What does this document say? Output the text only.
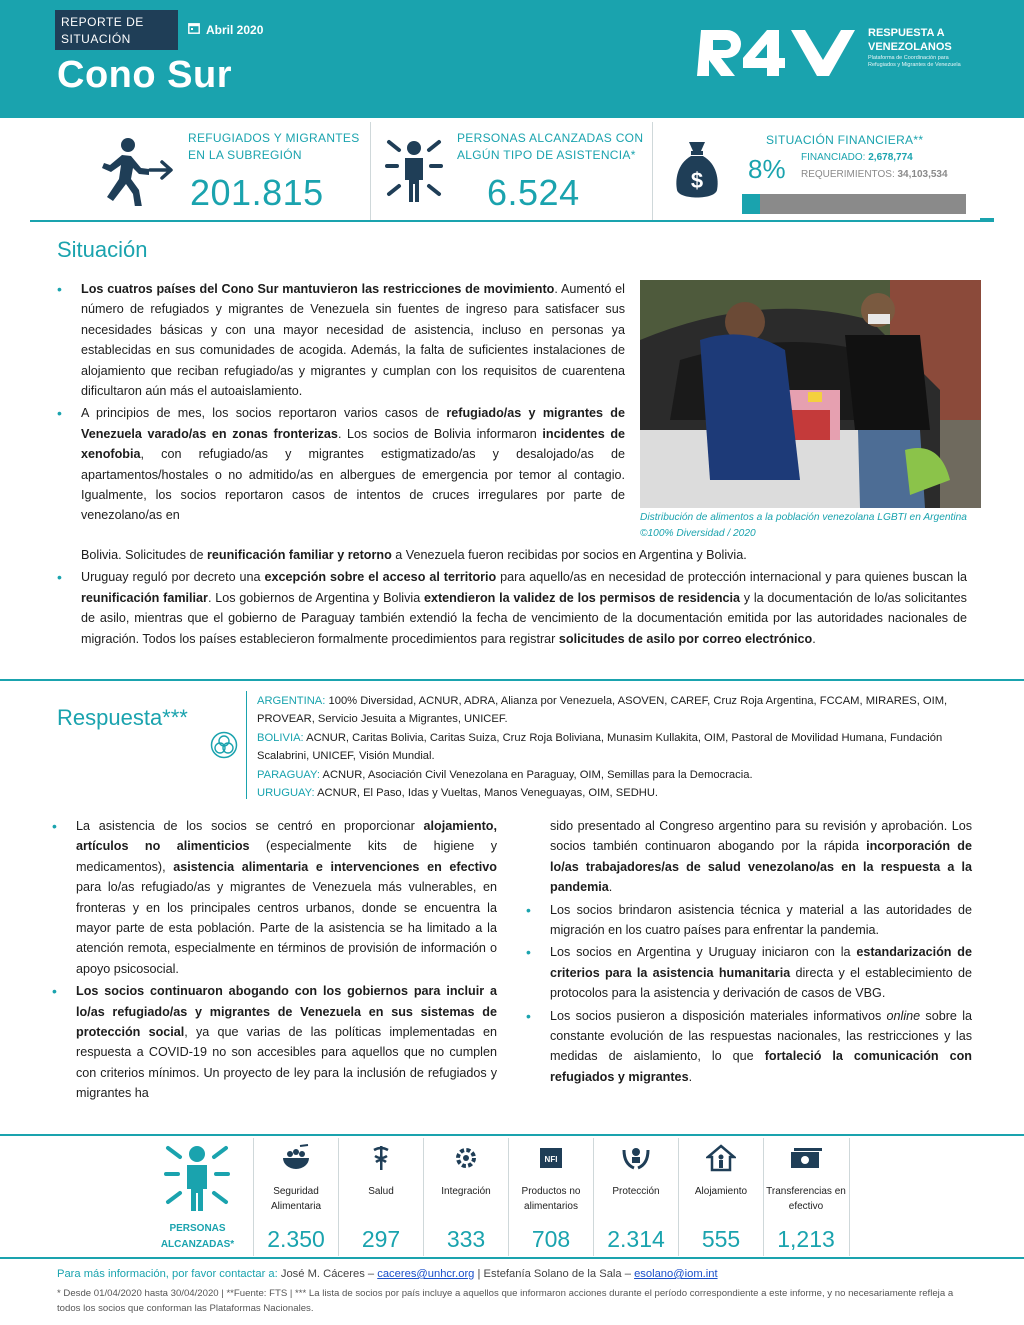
REPORTE DE SITUACIÓN
Abril 2020
Cono Sur
RESPUESTA A VENEZOLANOS
Plataforma de Coordinación para Refugiados y Migrantes de Venezuela
REFUGIADOS Y MIGRANTES EN LA SUBREGIÓN
201.815
PERSONAS ALCANZADAS CON ALGÚN TIPO DE ASISTENCIA*
6.524	$
SITUACIÓN FINANCIERA**
8% FINANCIADO: 2,678,774
REQUERIMIENTOS: 34,103,534
Situación
• Los cuatros países del Cono Sur mantuvieron las restricciones de movimiento. Aumentó el número de refugiados y migrantes de Venezuela sin fuentes de ingreso para satisfacer sus necesidades básicas y con una mayor necesidad de asistencia, incluso en personas ya establecidas en sus comunidades de acogida. Además, la falta de suficientes instalaciones de alojamiento que reciban refugiado/as y migrantes y cumplan con los requisitos de cuarentena dificultaron aún más el autoaislamiento.
• A principios de mes, los socios reportaron varios casos de refugiado/as y migrantes de Venezuela varado/as en zonas fronterizas. Los socios de Bolivia informaron incidentes de xenofobia, con refugiado/as y migrantes estigmatizado/as y desalojado/as de apartamentos/hostales o no admitido/as en albergues de emergencia por temor al contagio. Igualmente, los socios reportaron casos de intentos de cruces irregulares por parte de venezolano/as en	Distribución de alimentos a la población venezolana LGBTI en Argentina ©100% Diversidad / 2020
Bolivia. Solicitudes de reunificación familiar y retorno a Venezuela fueron recibidas por socios en Argentina y Bolivia.
• Uruguay reguló por decreto una excepción sobre el acceso al territorio para aquello/as en necesidad de protección internacional y para quienes buscan la reunificación familiar. Los gobiernos de Argentina y Bolivia extendieron la validez de los permisos de residencia y la documentación de lo/as solicitantes de asilo, mientras que el gobierno de Paraguay también extendió la fecha de vencimiento de la documentación emitida por las autoridades nacionales de migración. Todos los países establecieron formalmente procedimientos para registrar solicitudes de asilo por correo electrónico.
Respuesta***
ARGENTINA: 100% Diversidad, ACNUR, ADRA, Alianza por Venezuela, ASOVEN, CAREF, Cruz Roja Argentina, FCCAM, MIRARES, OIM, PROVEAR, Servicio Jesuita a Migrantes, UNICEF.
BOLIVIA: ACNUR, Caritas Bolivia, Caritas Suiza, Cruz Roja Boliviana, Munasim Kullakita, OIM, Pastoral de Movilidad Humana, Fundación Scalabrini, UNICEF, Visión Mundial.
PARAGUAY: ACNUR, Asociación Civil Venezolana en Paraguay, OIM, Semillas para la Democracia.
URUGUAY: ACNUR, El Paso, Idas y Vueltas, Manos Veneguayas, OIM, SEDHU.
• La asistencia de los socios se centró en proporcionar alojamiento, artículos no alimenticios (especialmente kits de higiene y medicamentos), asistencia alimentaria e intervenciones en efectivo para lo/as refugiado/as y migrantes de Venezuela más vulnerables, en fronteras y en los principales centros urbanos, donde se encuentra la mayor parte de esta población. Parte de la asistencia se ha limitado a la atención remota, especialmente en términos de provisión de información o apoyo psicosocial.
• Los socios continuaron abogando con los gobiernos para incluir a lo/as refugiado/as y migrantes de Venezuela en sus sistemas de protección social, ya que varias de las políticas implementadas en respuesta a COVID-19 no son accesibles para aquellos que no cumplen con criterios mínimos. Un proyecto de ley para la inclusión de refugiados y migrantes ha
sido presentado al Congreso argentino para su revisión y aprobación. Los socios también continuaron abogando por la rápida incorporación de lo/as trabajadores/as de salud venezolano/as en la respuesta a la pandemia.
• Los socios brindaron asistencia técnica y material a las autoridades de migración en los cuatro países para enfrentar la pandemia.
• Los socios en Argentina y Uruguay iniciaron con la estandarización de criterios para la asistencia humanitaria directa y el establecimiento de protocolos para la asistencia y derivación de casos de VBG.
• Los socios pusieron a disposición materiales informativos online sobre la constante evolución de las respuestas nacionales, las restricciones y las medidas de aislamiento, lo que fortaleció la comunicación con refugiados y migrantes.
PERSONAS ALCANZADAS*
Seguridad Alimentaria
2.350
Salud
297
Integración
333
NFI
Productos no alimentarios
708
Protección
2.314
Alojamiento
555
Transferencias en efectivo
1,213
Para más información, por favor contactar a: José M. Cáceres – caceres@unhcr.org | Estefanía Solano de la Sala – esolano@iom.int
* Desde 01/04/2020 hasta 30/04/2020 | **Fuente: FTS | *** La lista de socios por país incluye a aquellos que informaron acciones durante el período correspondiente a este informe, y no necesariamente refleja a todos los socios que conforman las Plataformas Nacionales.
